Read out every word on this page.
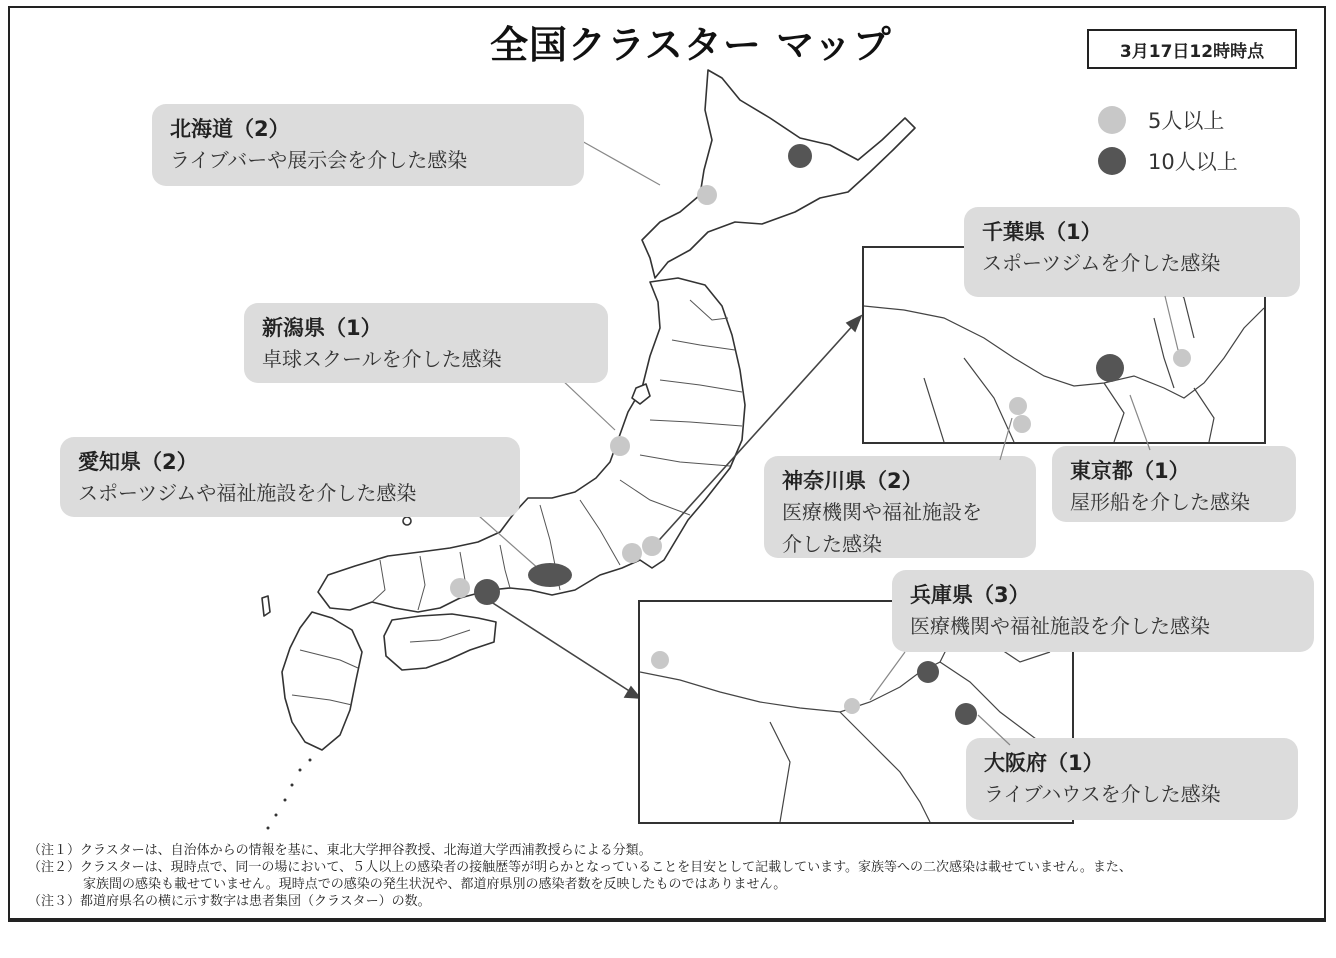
全国クラスター マップ	3月17日12時時点
5人以上
10人以上
北海道（2）
ライブバーや展示会を介した感染
新潟県（1）
卓球スクールを介した感染
愛知県（2）
スポーツジムや福祉施設を介した感染
千葉県（1）
スポーツジムを介した感染
神奈川県（2）
医療機関や福祉施設を
介した感染
東京都（1）
屋形船を介した感染
兵庫県（3）
医療機関や福祉施設を介した感染
大阪府（1）
ライブハウスを介した感染
（注１）クラスターは、自治体からの情報を基に、東北大学押谷教授、北海道大学西浦教授らによる分類。
（注２）クラスターは、現時点で、同一の場において、５人以上の感染者の接触歴等が明らかとなっていることを目安として記載しています。家族等への二次感染は載せていません。また、
家族間の感染も載せていません。現時点での感染の発生状況や、都道府県別の感染者数を反映したものではありません。
（注３）都道府県名の横に示す数字は患者集団（クラスター）の数。
